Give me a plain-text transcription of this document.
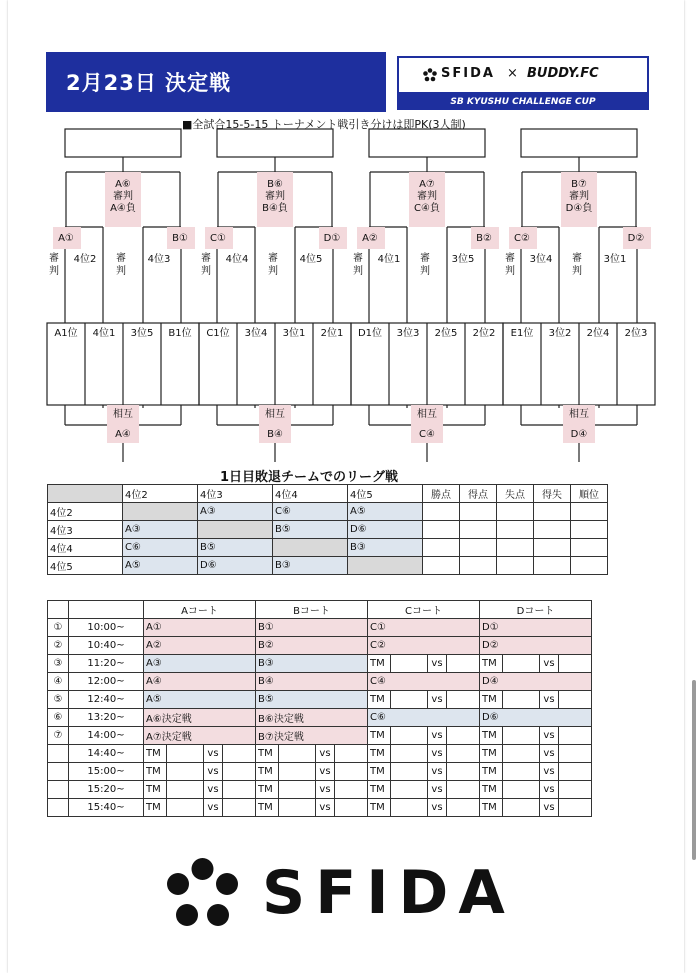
2月23日 決定戦	SFIDA × BUDDY.FC
SB KYUSHU CHALLENGE CUP
■全試合15-5-15 トーナメント戦引き分けは即PK(3人制)
A⑥
審判
A④負
A①	B①
4位2	4位3
審
判
審
判
A1位	4位1	3位5	B1位
相互
A④
B⑥
審判
B④負
C①	D①
4位4	4位5
審
判
審
判
C1位	3位4	3位1	2位1
相互
B④
A⑦
審判
C④負
A②	B②
4位1	3位5
審
判
審
判
D1位	3位3	2位5	2位2
相互
C④
B⑦
審判
D④負
C②	D②
3位4	3位1
審
判
審
判
E1位	3位2	2位4	2位3
相互
D④
1日目敗退チームでのリーグ戦
	4位2	4位3	4位4	4位5	勝点	得点	失点	得失	順位
4位2		A③	C⑥	A⑤					
4位3	A③		B⑤	D⑥					
4位4	C⑥	B⑤		B③					
4位5	A⑤	D⑥	B③						
		Aコート	Bコート	Cコート	Dコート
①	10:00~	A①	B①	C①	D①
②	10:40~	A②	B②	C②	D②
③	11:20~	A③	B③	TM vs	TM vs

④	12:00~	A④	B④	C④	D④
⑤	12:40~	A⑤	B⑤	TM vs	TM vs

⑥	13:20~	A⑥決定戦	B⑥決定戦	C⑥	D⑥
⑦	14:00~	A⑦決定戦	B⑦決定戦	TM vs	TM vs

	14:40~	TM vs	TM vs	TM vs	TM vs

	15:00~	TM vs	TM vs	TM vs	TM vs

	15:20~	TM vs	TM vs	TM vs	TM vs

	15:40~	TM vs	TM vs	TM vs	TM vs
SFIDA
